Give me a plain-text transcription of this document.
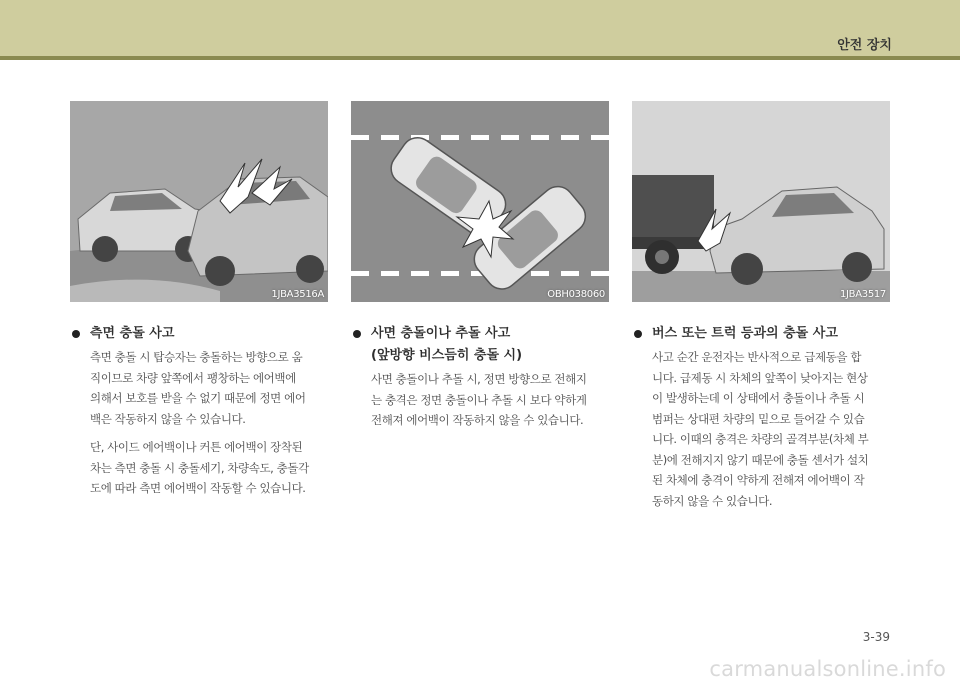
안전 장치
1JBA3516A	OBH038060	1JBA3517
측면 충돌 사고
측면 충돌 시 탑승자는 충돌하는 방향으로 움
직이므로 차량 앞쪽에서 팽창하는 에어백에
의해서 보호를 받을 수 없기 때문에 정면 에어
백은 작동하지 않을 수 있습니다.
단, 사이드 에어백이나 커튼 에어백이 장착된
차는 측면 충돌 시 충돌세기, 차량속도, 충돌각
도에 따라 측면 에어백이 작동할 수 있습니다.
사면 충돌이나 추돌 사고
(앞방향 비스듬히 충돌 시)
사면 충돌이나 추돌 시, 정면 방향으로 전해지
는 충격은 정면 충돌이나 추돌 시 보다 약하게
전해져 에어백이 작동하지 않을 수 있습니다.
버스 또는 트럭 등과의 충돌 사고
사고 순간 운전자는 반사적으로 급제동을 합
니다. 급제동 시 차체의 앞쪽이 낮아지는 현상
이 발생하는데 이 상태에서 충돌이나 추돌 시
범퍼는 상대편 차량의 밑으로 들어갈 수 있습
니다. 이때의 충격은 차량의 골격부분(차체 부
분)에 전해지지 않기 때문에 충돌 센서가 설치
된 차체에 충격이 약하게 전해져 에어백이 작
동하지 않을 수 있습니다.
3-39
carmanualsonline.info
